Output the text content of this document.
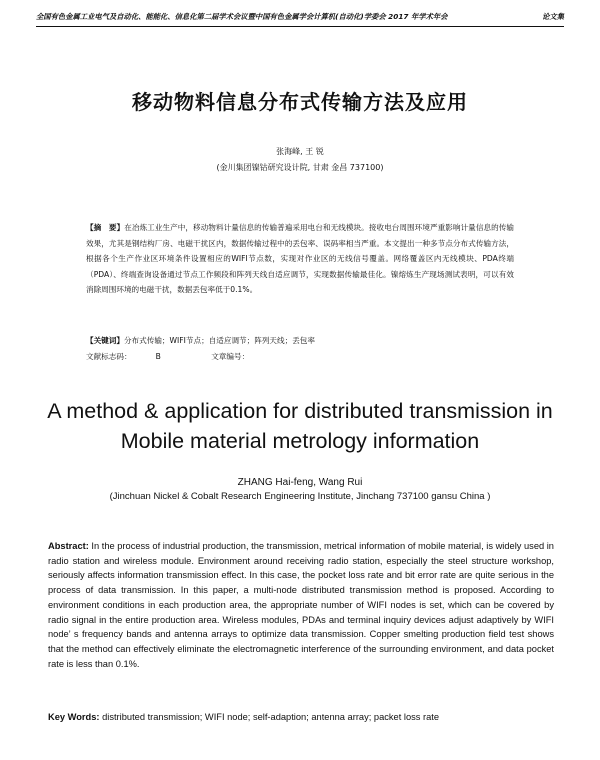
全国有色金属工业电气及自动化、能能化、信息化第二届学术会议暨中国有色金属学会计算机(自动化)学委会 2017 年学术年会	论文集
移动物料信息分布式传输方法及应用
张海峰, 王 锐
(金川集团镍钴研究设计院, 甘肃 金昌 737100)
【摘　要】在冶炼工业生产中，移动物料计量信息的传输普遍采用电台和无线模块。接收电台周围环境严重影响计量信息的传输效果，尤其是钢结构厂房、电磁干扰区内，数据传输过程中的丢包率、误码率相当严重。本文提出一种多节点分布式传输方法，根据各个生产作业区环境条件设置相应的WIFI节点数，实现对作业区的无线信号覆盖。网络覆盖区内无线模块、PDA终端（PDA）、终端查询设备通过节点工作频段和阵列天线自适应调节，实现数据传输最佳化。镍熔炼生产现场测试表明，可以有效消除周围环境的电磁干扰，数据丢包率低于0.1%。
【关键词】分布式传输；WIFI节点；自适应调节；阵列天线；丢包率
文献标志码：	B	文章编号：
A method & application for distributed transmission in
Mobile material metrology information
ZHANG Hai-feng, Wang Rui
(Jinchuan Nickel & Cobalt Research Engineering Institute, Jinchang 737100 gansu China )
Abstract: In the process of industrial production, the transmission, metrical information of mobile material, is widely used in radio station and wireless module. Environment around receiving radio station, especially the steel structure workshop, seriously affects information transmission effect. In this case, the pocket loss rate and bit error rate are quite serious in the process of data transmission. In this paper, a multi-node distributed transmission method is proposed. According to environment conditions in each production area, the appropriate number of WIFI nodes is set, which can be covered by radio signal in the entire production area. Wireless modules, PDAs and terminal inquiry devices adjust adaptively by WIFI node’ s frequency bands and antenna arrays to optimize data transmission. Copper smelting production field test shows that the method can effectively eliminate the electromagnetic interference of the surrounding environment, and data pocket rate is less than 0.1%.
Key Words: distributed transmission; WIFI node; self-adaption; antenna array; packet loss rate
